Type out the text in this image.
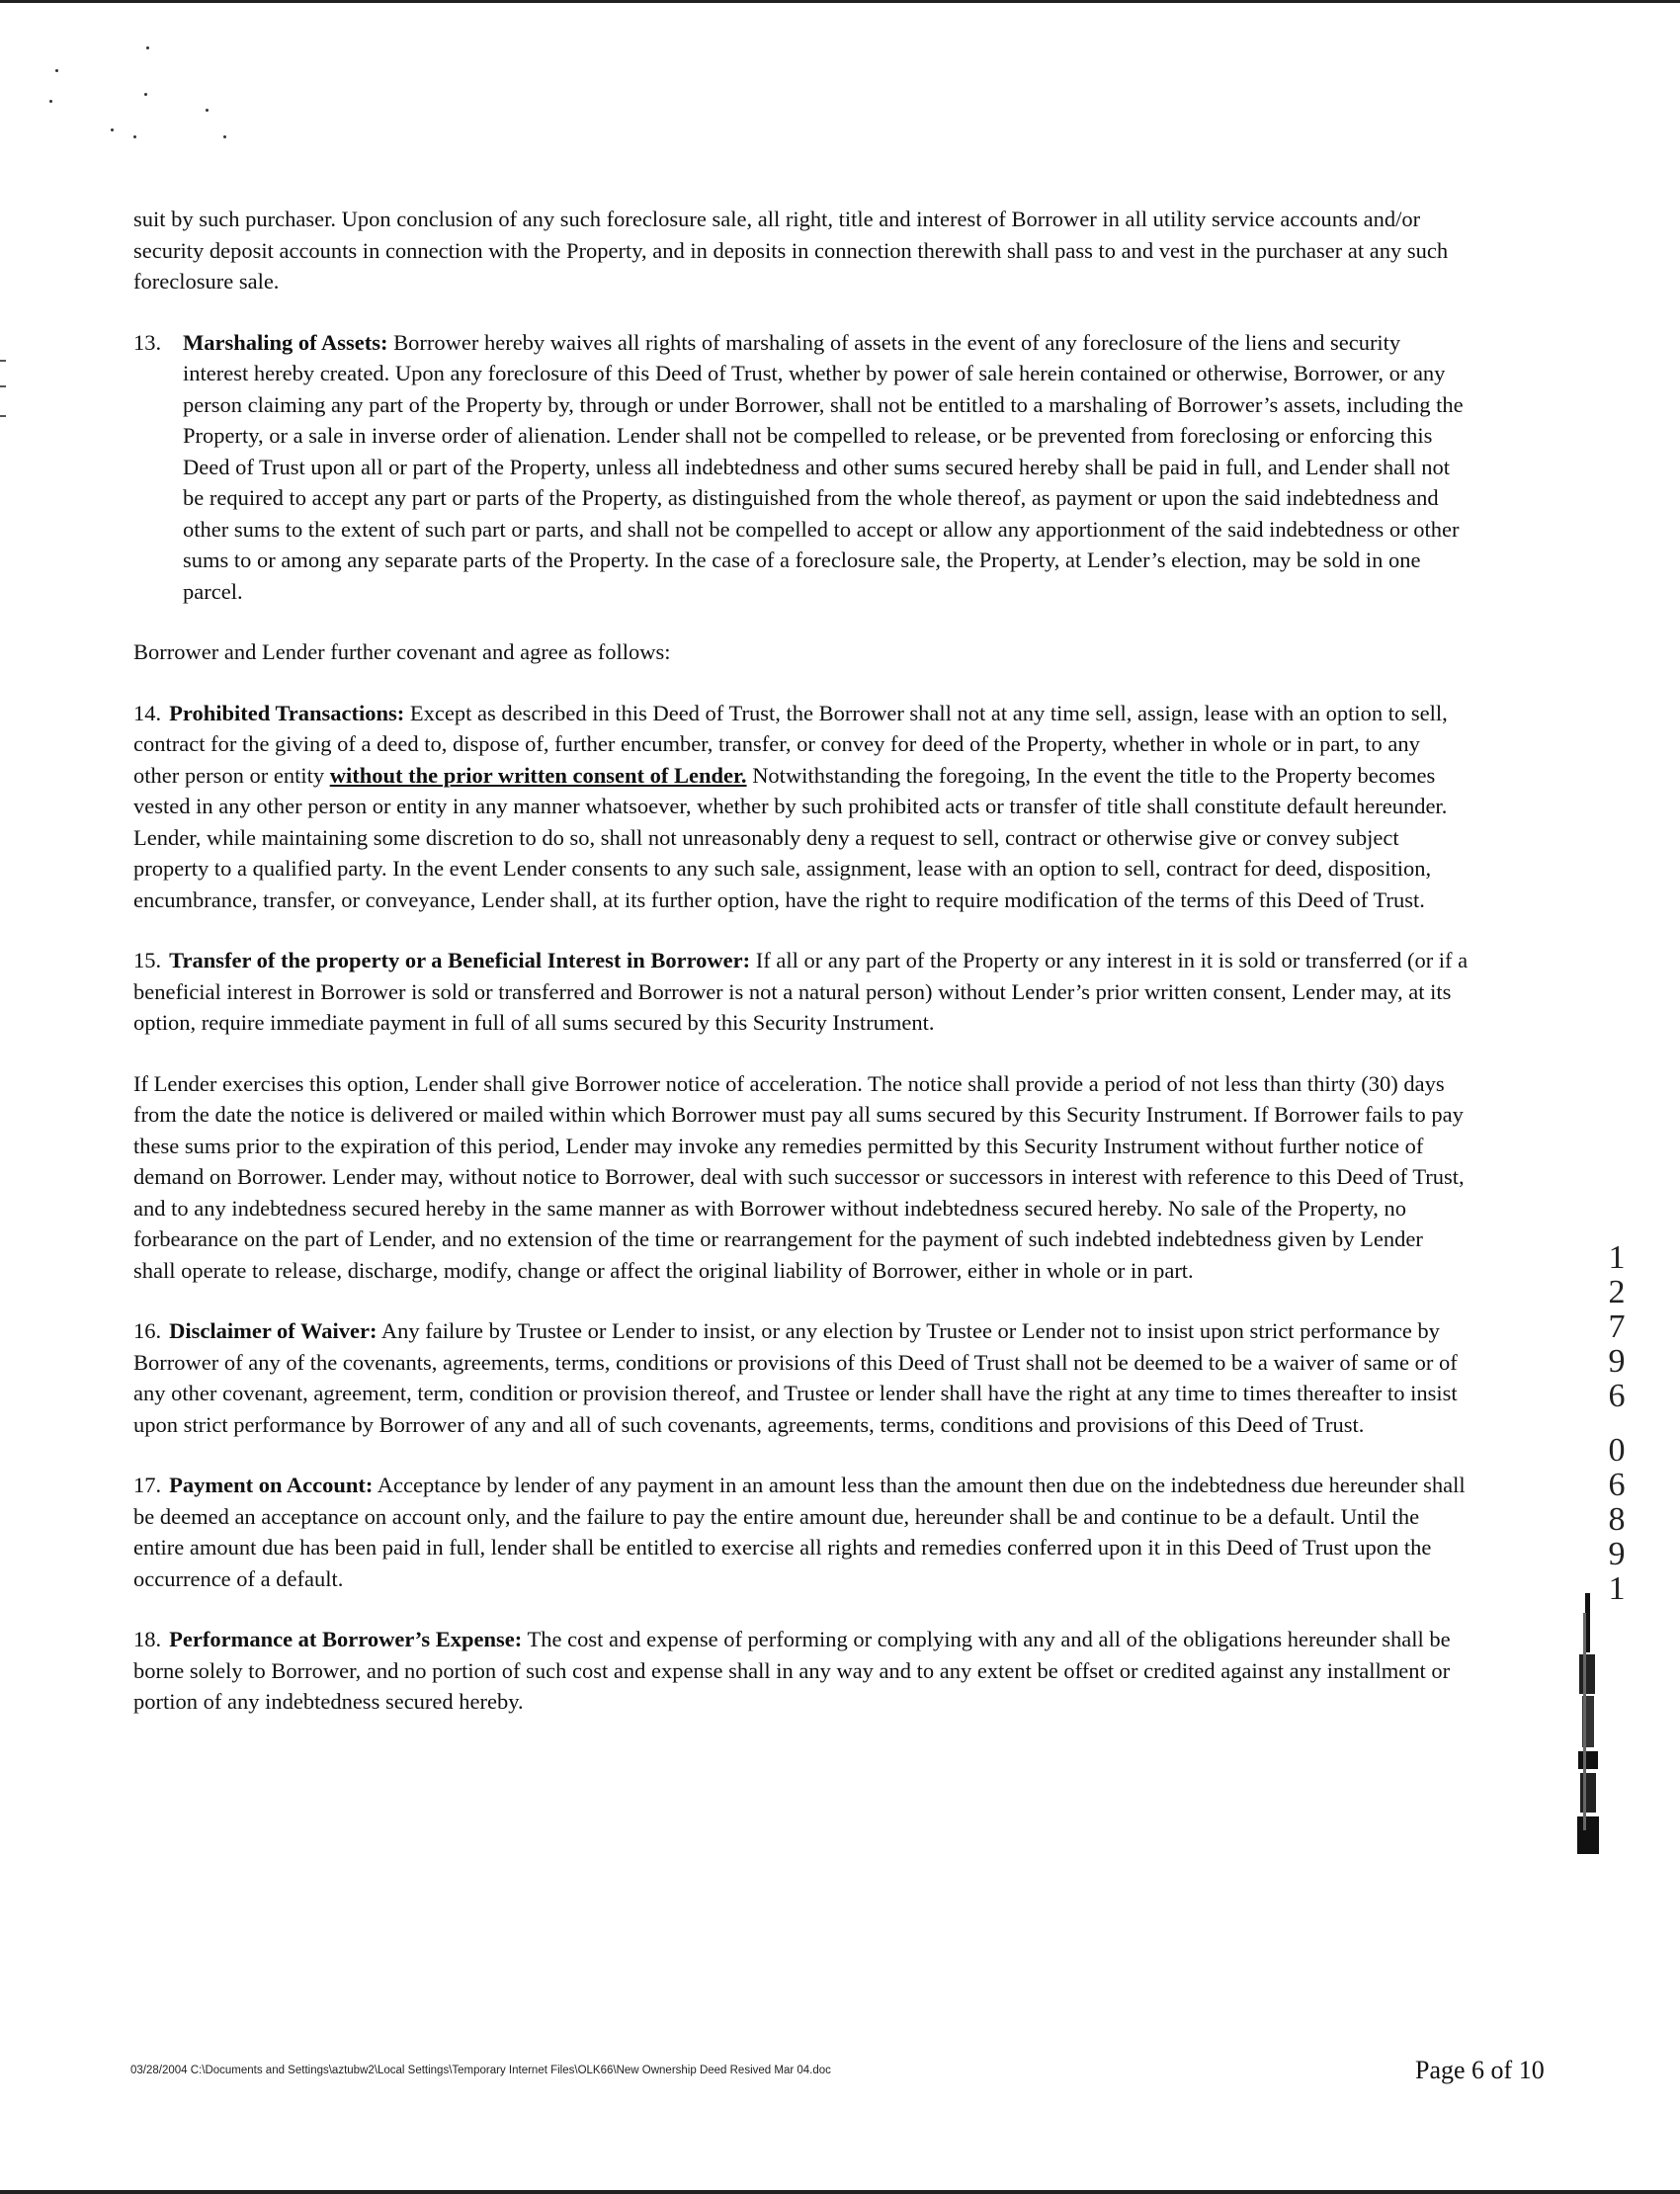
suit by such purchaser. Upon conclusion of any such foreclosure sale, all right, title and interest of Borrower in all utility service accounts and/or security deposit accounts in connection with the Property, and in deposits in connection therewith shall pass to and vest in the purchaser at any such foreclosure sale.

13. Marshaling of Assets: Borrower hereby waives all rights of marshaling of assets in the event of any foreclosure of the liens and security interest hereby created. Upon any foreclosure of this Deed of Trust, whether by power of sale herein contained or otherwise, Borrower, or any person claiming any part of the Property by, through or under Borrower, shall not be entitled to a marshaling of Borrower’s assets, including the Property, or a sale in inverse order of alienation. Lender shall not be compelled to release, or be prevented from foreclosing or enforcing this Deed of Trust upon all or part of the Property, unless all indebtedness and other sums secured hereby shall be paid in full, and Lender shall not be required to accept any part or parts of the Property, as distinguished from the whole thereof, as payment or upon the said indebtedness and other sums to the extent of such part or parts, and shall not be compelled to accept or allow any apportionment of the said indebtedness or other sums to or among any separate parts of the Property. In the case of a foreclosure sale, the Property, at Lender’s election, may be sold in one parcel.

Borrower and Lender further covenant and agree as follows:

14. Prohibited Transactions: Except as described in this Deed of Trust, the Borrower shall not at any time sell, assign, lease with an option to sell, contract for the giving of a deed to, dispose of, further encumber, transfer, or convey for deed of the Property, whether in whole or in part, to any other person or entity without the prior written consent of Lender. Notwithstanding the foregoing, In the event the title to the Property becomes vested in any other person or entity in any manner whatsoever, whether by such prohibited acts or transfer of title shall constitute default hereunder. Lender, while maintaining some discretion to do so, shall not unreasonably deny a request to sell, contract or otherwise give or convey subject property to a qualified party. In the event Lender consents to any such sale, assignment, lease with an option to sell, contract for deed, disposition, encumbrance, transfer, or conveyance, Lender shall, at its further option, have the right to require modification of the terms of this Deed of Trust.
15. Transfer of the property or a Beneficial Interest in Borrower: If all or any part of the Property or any interest in it is sold or transferred (or if a beneficial interest in Borrower is sold or transferred and Borrower is not a natural person) without Lender’s prior written consent, Lender may, at its option, require immediate payment in full of all sums secured by this Security Instrument.

If Lender exercises this option, Lender shall give Borrower notice of acceleration. The notice shall provide a period of not less than thirty (30) days from the date the notice is delivered or mailed within which Borrower must pay all sums secured by this Security Instrument. If Borrower fails to pay these sums prior to the expiration of this period, Lender may invoke any remedies permitted by this Security Instrument without further notice of demand on Borrower. Lender may, without notice to Borrower, deal with such successor or successors in interest with reference to this Deed of Trust, and to any indebtedness secured hereby in the same manner as with Borrower without indebtedness secured hereby. No sale of the Property, no forbearance on the part of Lender, and no extension of the time or rearrangement for the payment of such indebted indebtedness given by Lender shall operate to release, discharge, modify, change or affect the original liability of Borrower, either in whole or in part.

16. Disclaimer of Waiver: Any failure by Trustee or Lender to insist, or any election by Trustee or Lender not to insist upon strict performance by Borrower of any of the covenants, agreements, terms, conditions or provisions of this Deed of Trust shall not be deemed to be a waiver of same or of any other covenant, agreement, term, condition or provision thereof, and Trustee or lender shall have the right at any time to times thereafter to insist upon strict performance by Borrower of any and all of such covenants, agreements, terms, conditions and provisions of this Deed of Trust.
17. Payment on Account: Acceptance by lender of any payment in an amount less than the amount then due on the indebtedness due hereunder shall be deemed an acceptance on account only, and the failure to pay the entire amount due, hereunder shall be and continue to be a default. Until the entire amount due has been paid in full, lender shall be entitled to exercise all rights and remedies conferred upon it in this Deed of Trust upon the occurrence of a default.
18. Performance at Borrower’s Expense: The cost and expense of performing or complying with any and all of the obligations hereunder shall be borne solely to Borrower, and no portion of such cost and expense shall in any way and to any extent be offset or credited against any installment or portion of any indebtedness secured hereby.
1
2
7
9
6
0
6
8
9
1
03/28/2004 C:\Documents and Settings\aztubw2\Local Settings\Temporary Internet Files\OLK66\New Ownership Deed Resived Mar 04.doc	Page 6 of 10
